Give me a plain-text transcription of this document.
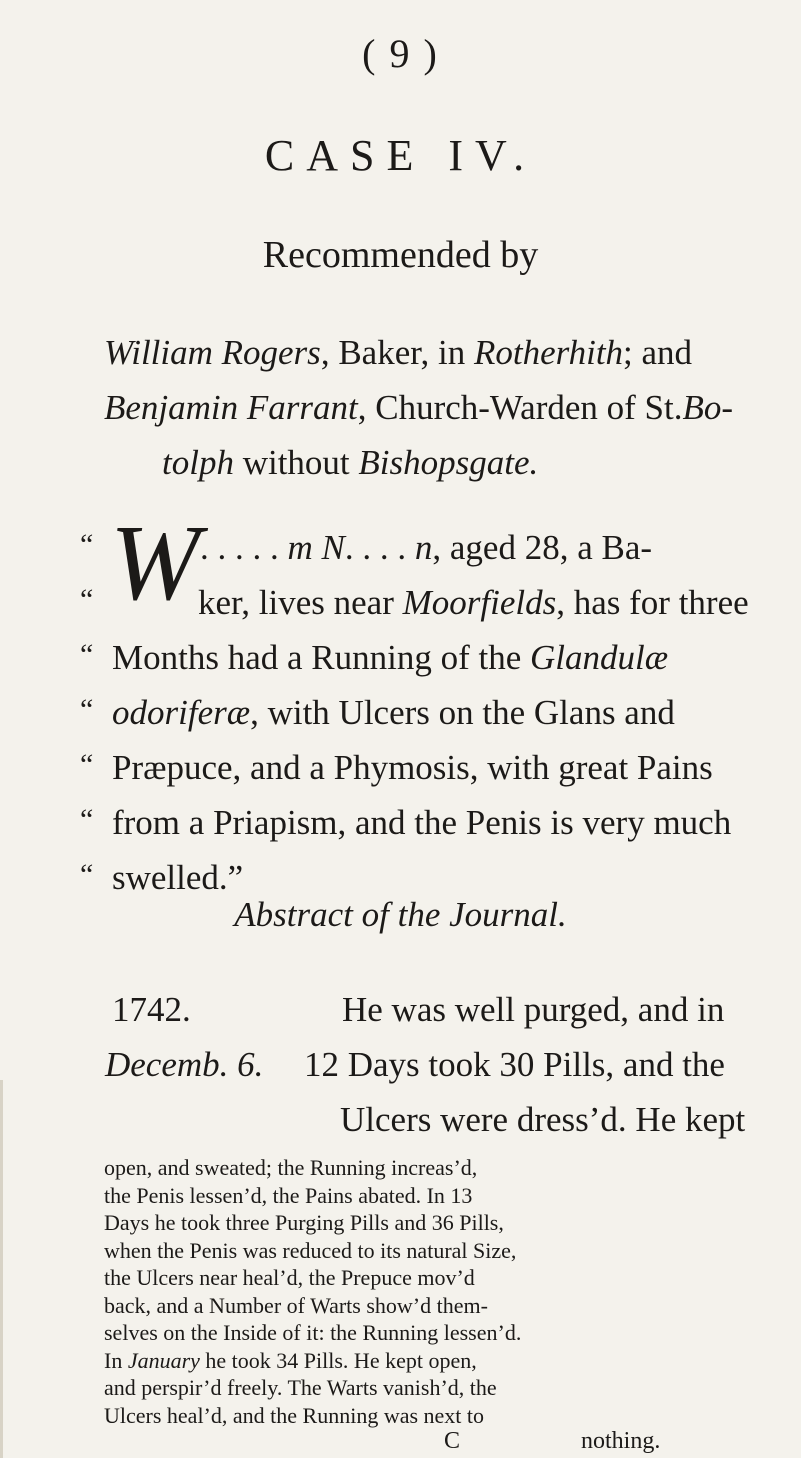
( 9 )
CASE IV.
Recommended by
William Rogers, Baker, in Rotherhith; and
Benjamin Farrant, Church-Warden of St.Bo-
tolph without Bishopsgate.
“
“
“
“
“
“
“
W . . . . . m N. . . . n, aged 28, a Ba-
ker, lives near Moorfields, has for three
Months had a Running of the Glandulæ
odoriferæ, with Ulcers on the Glans and
Præpuce, and a Phymosis, with great Pains
from a Priapism, and the Penis is very much
swelled.”
Abstract of the Journal.
1742.	He was well purged, and in
Decemb. 6. 12 Days took 30 Pills, and the
Ulcers were dress’d. He kept
open, and sweated; the Running increas’d,
the Penis lessen’d, the Pains abated. In 13
Days he took three Purging Pills and 36 Pills,
when the Penis was reduced to its natural Size,
the Ulcers near heal’d, the Prepuce mov’d
back, and a Number of Warts show’d them-
selves on the Inside of it: the Running lessen’d.
In January he took 34 Pills. He kept open,
and perspir’d freely. The Warts vanish’d, the
Ulcers heal’d, and the Running was next to
C	nothing.
